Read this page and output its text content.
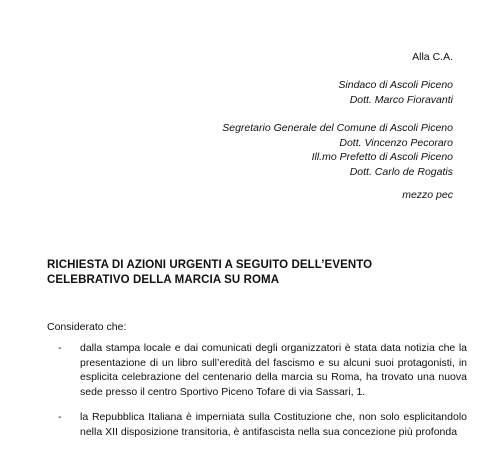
Alla C.A.
Sindaco di Ascoli Piceno
Dott. Marco Fioravanti
Segretario Generale del Comune di Ascoli Piceno
Dott. Vincenzo Pecoraro
Ill.mo Prefetto di Ascoli Piceno
Dott. Carlo de Rogatis
mezzo pec
RICHIESTA DI AZIONI URGENTI A SEGUITO DELL’EVENTO
CELEBRATIVO DELLA MARCIA SU ROMA
Considerato che:
- dalla stampa locale e dai comunicati degli organizzatori è stata data notizia che la presentazione di un libro sull’eredità del fascismo e su alcuni suoi protagonisti, in esplicita celebrazione del centenario della marcia su Roma, ha trovato una nuova sede presso il centro Sportivo Piceno Tofare di via Sassari, 1.
- la Repubblica Italiana è imperniata sulla Costituzione che, non solo esplicitandolo nella XII disposizione transitoria, è antifascista nella sua concezione più profonda
